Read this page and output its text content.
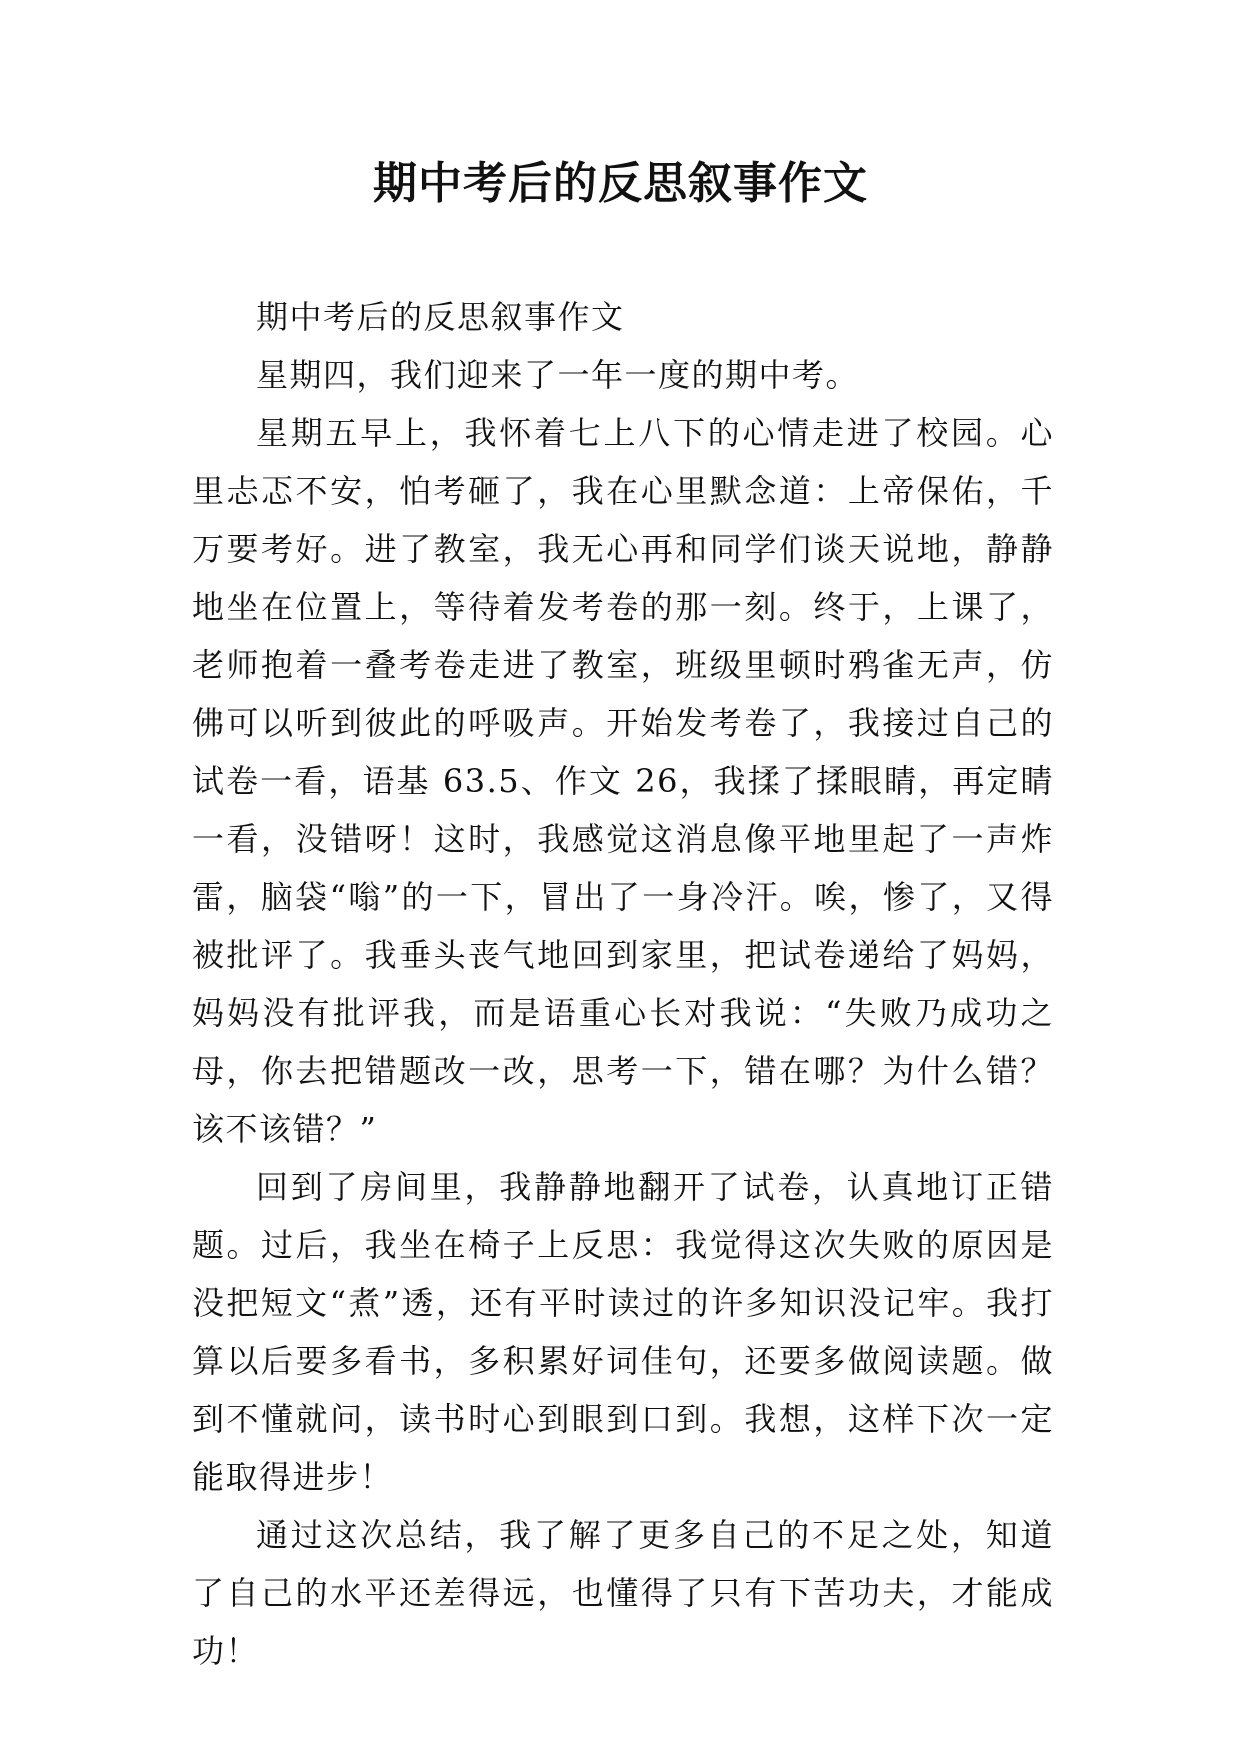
期中考后的反思叙事作文

期中考后的反思叙事作文

星期四，我们迎来了一年一度的期中考。

星期五早上，我怀着七上八下的心情走进了校园。心里忐忑不安，怕考砸了，我在心里默念道：上帝保佑，千万要考好。进了教室，我无心再和同学们谈天说地，静静地坐在位置上，等待着发考卷的那一刻。终于，上课了，老师抱着一叠考卷走进了教室，班级里顿时鸦雀无声，仿佛可以听到彼此的呼吸声。开始发考卷了，我接过自己的试卷一看，语基 63.5、作文 26，我揉了揉眼睛，再定睛一看，没错呀！这时，我感觉这消息像平地里起了一声炸雷，脑袋“嗡”的一下，冒出了一身冷汗。唉，惨了，又得被批评了。我垂头丧气地回到家里，把试卷递给了妈妈，妈妈没有批评我，而是语重心长对我说：“失败乃成功之母，你去把错题改一改，思考一下，错在哪？为什么错？该不该错？”

回到了房间里，我静静地翻开了试卷，认真地订正错题。过后，我坐在椅子上反思：我觉得这次失败的原因是没把短文“煮”透，还有平时读过的许多知识没记牢。我打算以后要多看书，多积累好词佳句，还要多做阅读题。做到不懂就问，读书时心到眼到口到。我想，这样下次一定能取得进步！

通过这次总结，我了解了更多自己的不足之处，知道了自己的水平还差得远，也懂得了只有下苦功夫，才能成功！
